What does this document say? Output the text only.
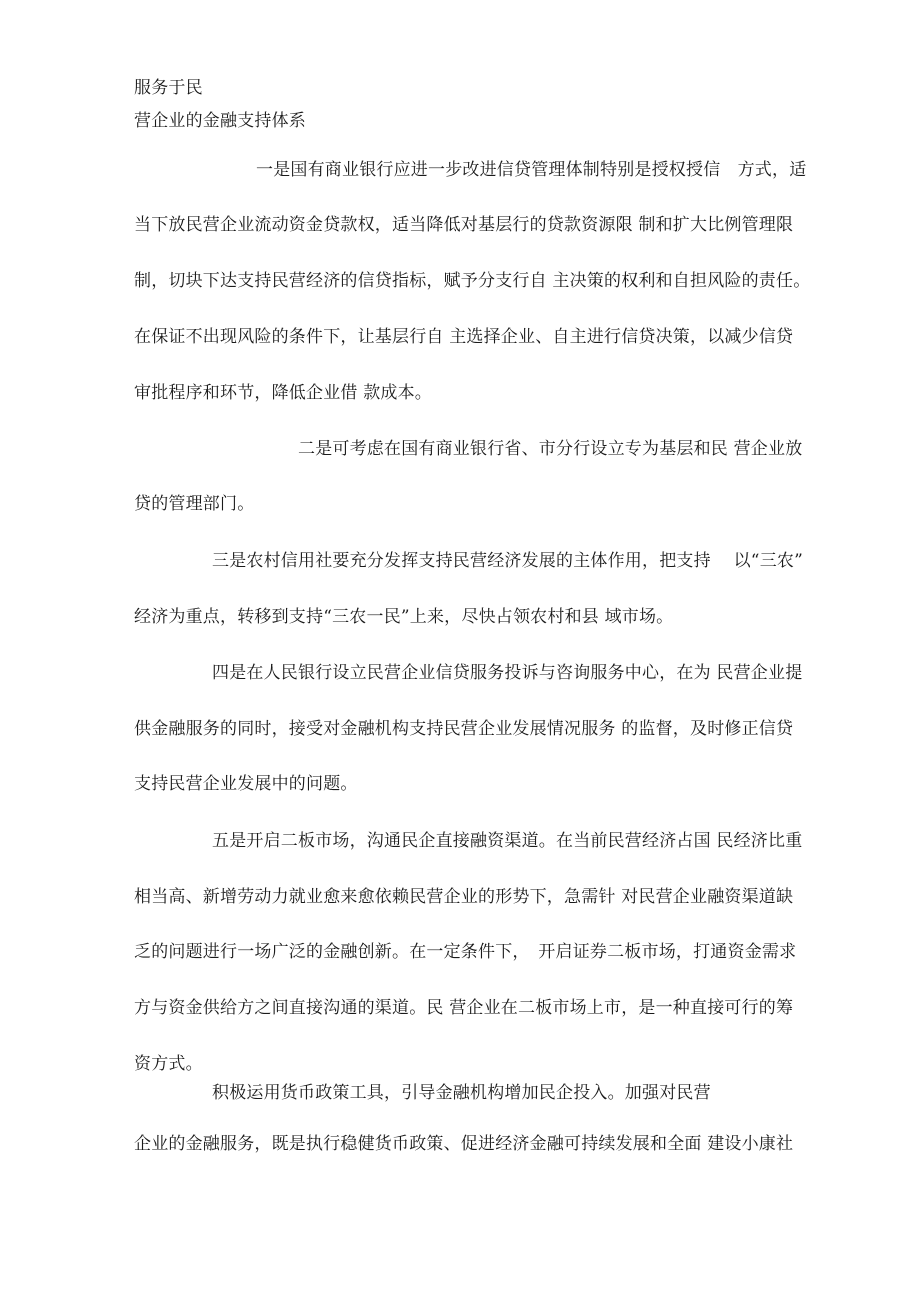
服务于民
营企业的金融支持体系
一是国有商业银行应进一步改进信贷管理体制特别是授权授信　方式，适
当下放民营企业流动资金贷款权，适当降低对基层行的贷款资源限 制和扩大比例管理限
制，切块下达支持民营经济的信贷指标，赋予分支行自 主决策的权利和自担风险的责任。
在保证不出现风险的条件下，让基层行自 主选择企业、自主进行信贷决策，以减少信贷
审批程序和环节，降低企业借 款成本。
二是可考虑在国有商业银行省、市分行设立专为基层和民 营企业放
贷的管理部门。
三是农村信用社要充分发挥支持民营经济发展的主体作用，把支持　 以“三农”
经济为重点，转移到支持“三农一民”上来，尽快占领农村和县 域市场。
四是在人民银行设立民营企业信贷服务投诉与咨询服务中心，在为 民营企业提
供金融服务的同时，接受对金融机构支持民营企业发展情况服务 的监督，及时修正信贷
支持民营企业发展中的问题。
五是开启二板市场，沟通民企直接融资渠道。在当前民营经济占国 民经济比重
相当高、新增劳动力就业愈来愈依赖民营企业的形势下，急需针 对民营企业融资渠道缺
乏的问题进行一场广泛的金融创新。在一定条件下，　开启证券二板市场，打通资金需求
方与资金供给方之间直接沟通的渠道。民 营企业在二板市场上市，是一种直接可行的筹
资方式。
积极运用货币政策工具，引导金融机构增加民企投入。加强对民营
企业的金融服务，既是执行稳健货币政策、促进经济金融可持续发展和全面 建设小康社
